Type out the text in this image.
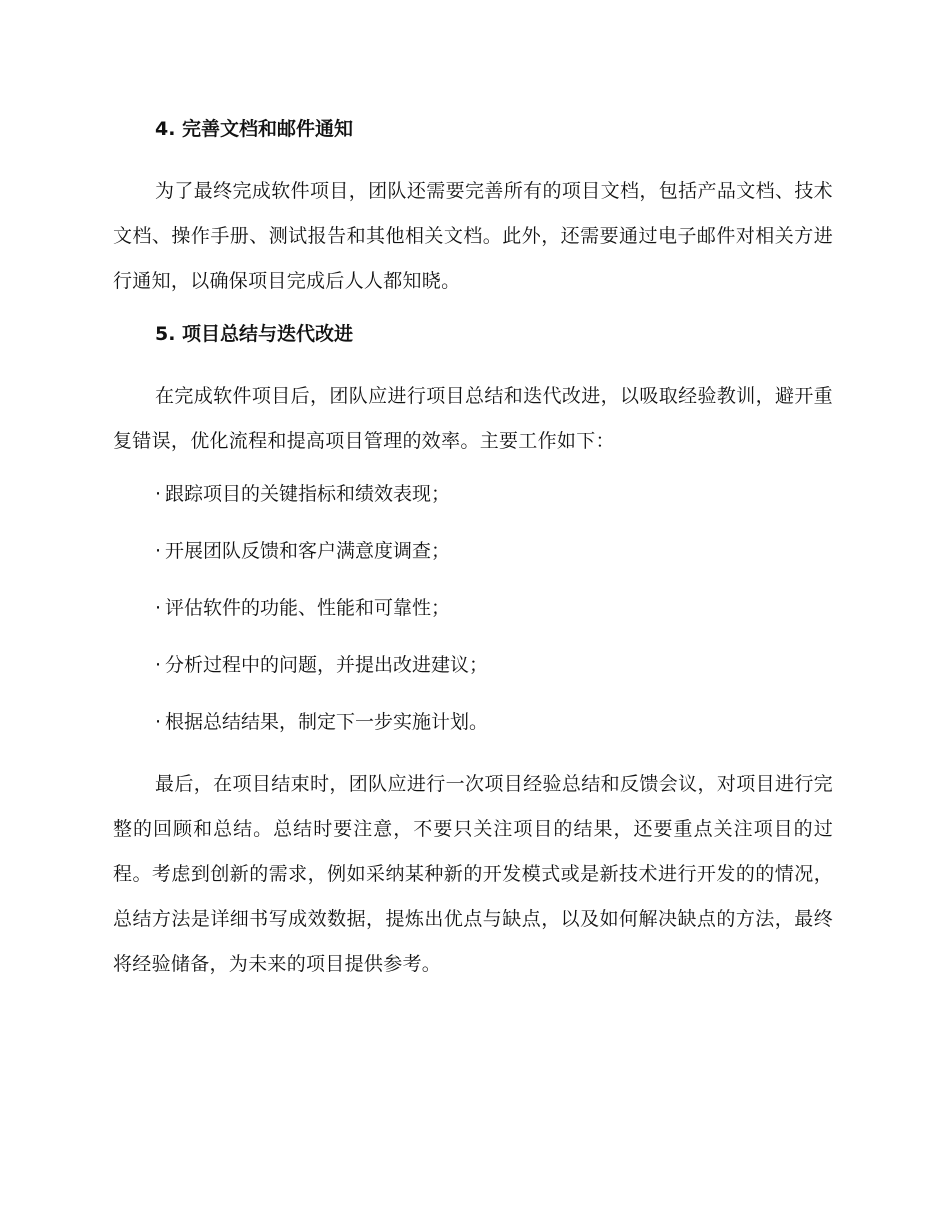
4. 完善文档和邮件通知

为了最终完成软件项目，团队还需要完善所有的项目文档，包括产品文档、技术文档、操作手册、测试报告和其他相关文档。此外，还需要通过电子邮件对相关方进行通知，以确保项目完成后人人都知晓。

5. 项目总结与迭代改进

在完成软件项目后，团队应进行项目总结和迭代改进，以吸取经验教训，避开重复错误，优化流程和提高项目管理的效率。主要工作如下：

· 跟踪项目的关键指标和绩效表现；
· 开展团队反馈和客户满意度调查；
· 评估软件的功能、性能和可靠性；
· 分析过程中的问题，并提出改进建议；
· 根据总结结果，制定下一步实施计划。

最后，在项目结束时，团队应进行一次项目经验总结和反馈会议，对项目进行完整的回顾和总结。总结时要注意，不要只关注项目的结果，还要重点关注项目的过程。考虑到创新的需求，例如采纳某种新的开发模式或是新技术进行开发的的情况，总结方法是详细书写成效数据，提炼出优点与缺点，以及如何解决缺点的方法，最终将经验储备，为未来的项目提供参考。
